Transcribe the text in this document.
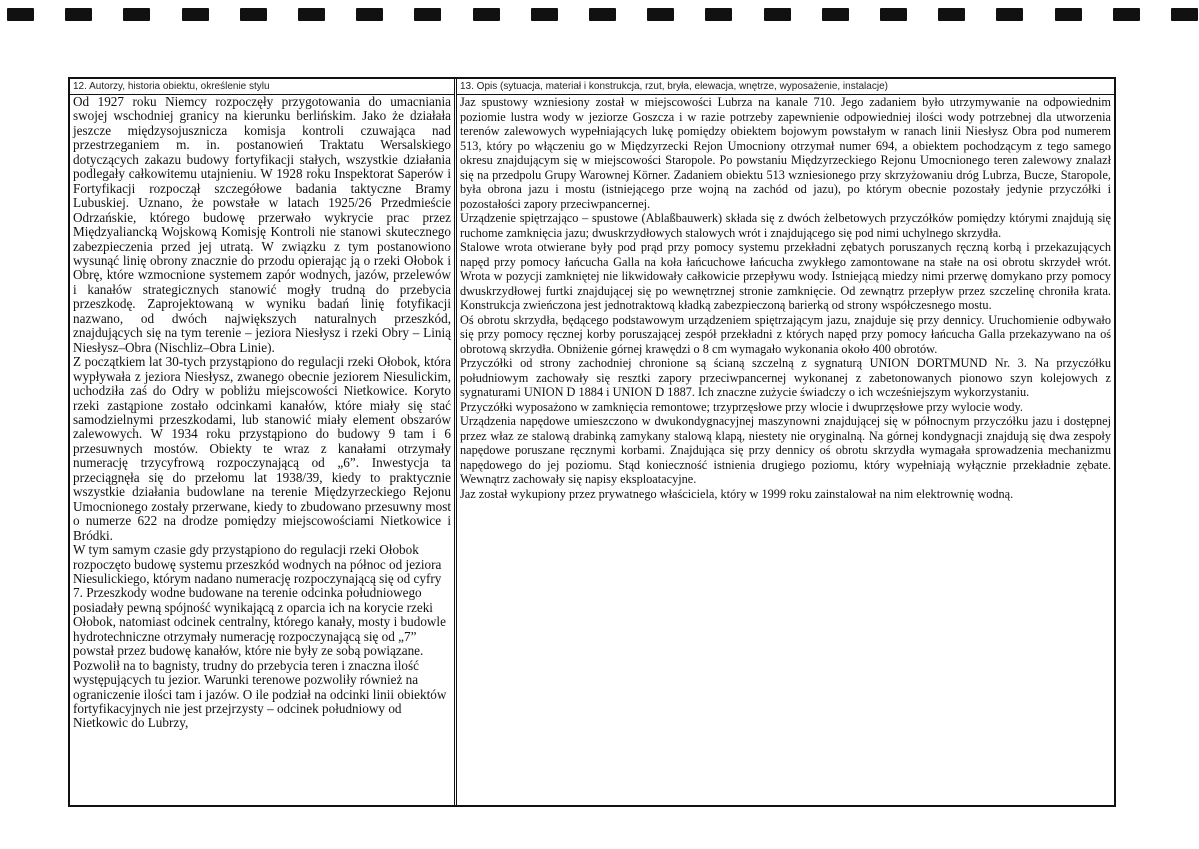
12. Autorzy, historia obiektu, określenie stylu

Od 1927 roku Niemcy rozpoczęły przygotowania do umacniania swojej wschodniej granicy na kierunku berlińskim. Jako że działała jeszcze międzysojusznicza komisja kontroli czuwająca nad przestrzeganiem m. in. postanowień Traktatu Wersalskiego dotyczących zakazu budowy fortyfikacji stałych, wszystkie działania podlegały całkowitemu utajnieniu. W 1928 roku Inspektorat Saperów i Fortyfikacji rozpoczął szczegółowe badania taktyczne Bramy Lubuskiej. Uznano, że powstałe w latach 1925/26 Przedmieście Odrzańskie, którego budowę przerwało wykrycie prac przez Międzyaliancką Wojskową Komisję Kontroli nie stanowi skutecznego zabezpieczenia przed jej utratą. W związku z tym postanowiono wysunąć linię obrony znacznie do przodu opierając ją o rzeki Ołobok i Obrę, które wzmocnione systemem zapór wodnych, jazów, przelewów i kanałów strategicznych stanowić mogły trudną do przebycia przeszkodę. Zaprojektowaną w wyniku badań linię fotyfikacji nazwano, od dwóch największych naturalnych przeszkód, znajdujących się na tym terenie – jeziora Niesłysz i rzeki Obry – Linią Niesłysz–Obra (Nischliz–Obra Linie).

Z początkiem lat 30-tych przystąpiono do regulacji rzeki Ołobok, która wypływała z jeziora Niesłysz, zwanego obecnie jeziorem Niesulickim, uchodziła zaś do Odry w pobliżu miejscowości Nietkowice. Koryto rzeki zastąpione zostało odcinkami kanałów, które miały się stać samodzielnymi przeszkodami, lub stanowić miały element obszarów zalewowych. W 1934 roku przystąpiono do budowy 9 tam i 6 przesuwnych mostów. Obiekty te wraz z kanałami otrzymały numerację trzycyfrową rozpoczynającą od „6”. Inwestycja ta przeciągnęła się do przełomu lat 1938/39, kiedy to praktycznie wszystkie działania budowlane na terenie Międzyrzeckiego Rejonu Umocnionego zostały przerwane, kiedy to zbudowano przesuwny most o numerze 622 na drodze pomiędzy miejscowościami Nietkowice i Bródki.

W tym samym czasie gdy przystąpiono do regulacji rzeki Ołobok rozpoczęto budowę systemu przeszkód wodnych na północ od jeziora Niesulickiego, którym nadano numerację rozpoczynającą się od cyfry 7. Przeszkody wodne budowane na terenie odcinka południowego posiadały pewną spójność wynikającą z oparcia ich na korycie rzeki Ołobok, natomiast odcinek centralny, którego kanały, mosty i budowle hydrotechniczne otrzymały numerację rozpoczynającą się od „7” powstał przez budowę kanałów, które nie były ze sobą powiązane. Pozwolił na to bagnisty, trudny do przebycia teren i znaczna ilość występujących tu jezior. Warunki terenowe pozwoliły również na ograniczenie ilości tam i jazów. O ile podział na odcinki linii obiektów fortyfikacyjnych nie jest przejrzysty – odcinek południowy od Nietkowic do Lubrzy,

13. Opis (sytuacja, materiał i konstrukcja, rzut, bryła, elewacja, wnętrze, wyposażenie, instalacje)

Jaz spustowy wzniesiony został w miejscowości Lubrza na kanale 710. Jego zadaniem było utrzymywanie na odpowiednim poziomie lustra wody w jeziorze Goszcza i w razie potrzeby zapewnienie odpowiedniej ilości wody potrzebnej dla utworzenia terenów zalewowych wypełniających lukę pomiędzy obiektem bojowym powstałym w ranach linii Niesłysz Obra pod numerem 513, który po włączeniu go w Międzyrzecki Rejon Umocniony otrzymał numer 694, a obiektem pochodzącym z tego samego okresu znajdującym się w miejscowości Staropole. Po powstaniu Międzyrzeckiego Rejonu Umocnionego teren zalewowy znalazł się na przedpolu Grupy Warownej Körner. Zadaniem obiektu 513 wzniesionego przy skrzyżowaniu dróg Lubrza, Bucze, Staropole, była obrona jazu i mostu (istniejącego prze wojną na zachód od jazu), po którym obecnie pozostały jedynie przyczółki i pozostałości zapory przeciwpancernej.

Urządzenie spiętrzająco – spustowe (Ablaßbauwerk) składa się z dwóch żelbetowych przyczółków pomiędzy którymi znajdują się ruchome zamknięcia jazu; dwuskrzydłowych stalowych wrót i znajdującego się pod nimi uchylnego skrzydła.

Stalowe wrota otwierane były pod prąd przy pomocy systemu przekładni zębatych poruszanych ręczną korbą i przekazujących napęd przy pomocy łańcucha Galla na koła łańcuchowe łańcucha zwykłego zamontowane na stałe na osi obrotu skrzydeł wrót. Wrota w pozycji zamkniętej nie likwidowały całkowicie przepływu wody. Istniejącą miedzy nimi przerwę domykano przy pomocy dwuskrzydłowej furtki znajdującej się po wewnętrznej stronie zamknięcie. Od zewnątrz przepływ przez szczelinę chroniła krata. Konstrukcja zwieńczona jest jednotraktową kładką zabezpieczoną barierką od strony współczesnego mostu.

Oś obrotu skrzydła, będącego podstawowym urządzeniem spiętrzającym jazu, znajduje się przy dennicy. Uruchomienie odbywało się przy pomocy ręcznej korby poruszającej zespół przekładni z których napęd przy pomocy łańcucha Galla przekazywano na oś obrotową skrzydła. Obniżenie górnej krawędzi o 8 cm wymagało wykonania około 400 obrotów.

Przyczółki od strony zachodniej chronione są ścianą szczelną z sygnaturą UNION DORTMUND Nr. 3. Na przyczółku południowym zachowały się resztki zapory przeciwpancernej wykonanej z zabetonowanych pionowo szyn kolejowych z sygnaturami UNION D 1884 i UNION D 1887. Ich znaczne zużycie świadczy o ich wcześniejszym wykorzystaniu.

Przyczółki wyposażono w zamknięcia remontowe; trzyprzęsłowe przy wlocie i dwuprzęsłowe przy wylocie wody.

Urządzenia napędowe umieszczono w dwukondygnacyjnej maszynowni znajdującej się w północnym przyczółku jazu i dostępnej przez właz ze stalową drabinką zamykany stalową klapą, niestety nie oryginalną. Na górnej kondygnacji znajdują się dwa zespoły napędowe poruszane ręcznymi korbami. Znajdująca się przy dennicy oś obrotu skrzydła wymagała sprowadzenia mechanizmu napędowego do jej poziomu. Stąd konieczność istnienia drugiego poziomu, który wypełniają wyłącznie przekładnie zębate. Wewnątrz zachowały się napisy eksploatacyjne.

Jaz został wykupiony przez prywatnego właściciela, który w 1999 roku zainstalował na nim elektrownię wodną.
